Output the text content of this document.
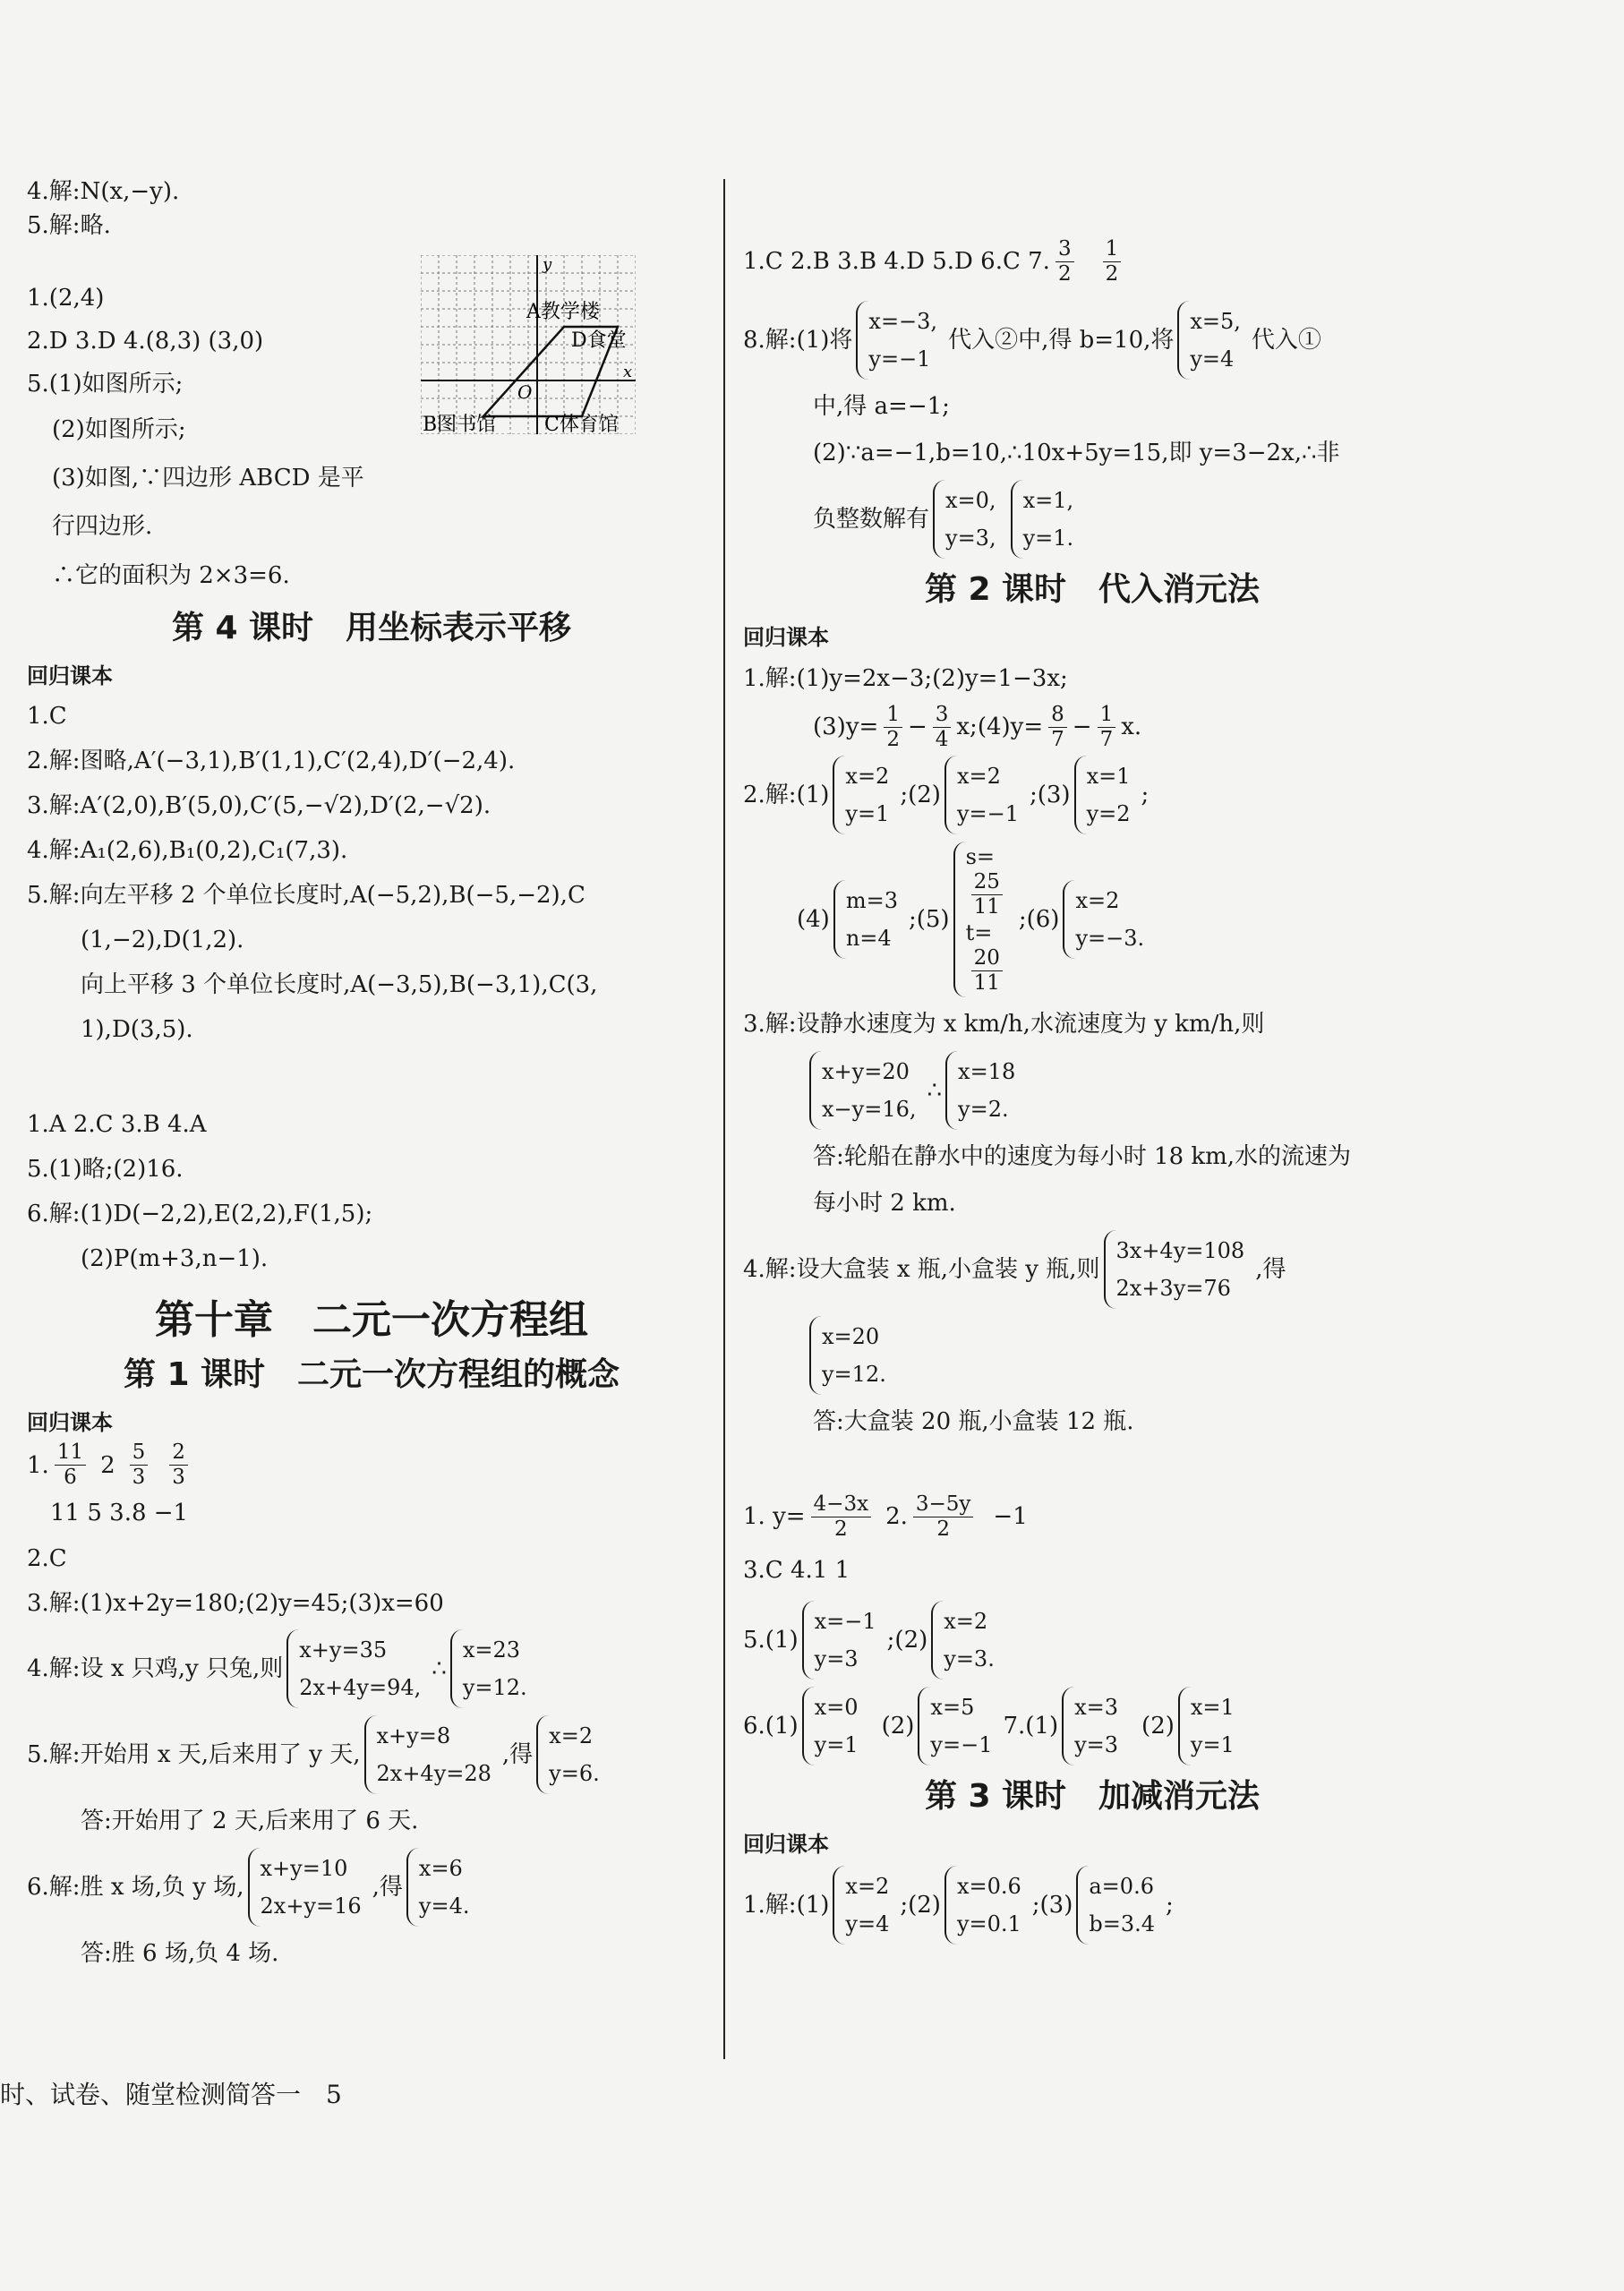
4.解:N(x,−y).
5.解:略.
1.(2,4)
2.D 3.D 4.(8,3) (3,0)
5.(1)如图所示;
(2)如图所示;
(3)如图,∵四边形 ABCD 是平
行四边形.
∴它的面积为 2×3=6.
第 4 课时　用坐标表示平移
回归课本
1.C
2.解:图略,A′(−3,1),B′(1,1),C′(2,4),D′(−2,4).
3.解:A′(2,0),B′(5,0),C′(5,−√2),D′(2,−√2).
4.解:A₁(2,6),B₁(0,2),C₁(7,3).
5.解:向左平移 2 个单位长度时,A(−5,2),B(−5,−2),C
(1,−2),D(1,2).
向上平移 3 个单位长度时,A(−3,5),B(−3,1),C(3,
1),D(3,5).
1.A 2.C 3.B 4.A
5.(1)略;(2)16.
6.解:(1)D(−2,2),E(2,2),F(1,5);
(2)P(m+3,n−1).
第十章　二元一次方程组
第 1 课时　二元一次方程组的概念
回归课本
1. $\frac{11}{6} 2 \frac{5}{3} \frac{2}{3}$
11 5 3.8 −1
2.C
3.解:(1)x+2y=180;(2)y=45;(3)x=60
4.解:设 x 只鸡,y 只兔,则
x+y=35
2x+4y=94,
∴
x=23
y=12.
5.解:开始用 x 天,后来用了 y 天,
x+y=8
2x+4y=28
,得
x=2
y=6.
答:开始用了 2 天,后来用了 6 天.
6.解:胜 x 场,负 y 场,
x+y=10
2x+y=16
,得
x=6
y=4.
答:胜 6 场,负 4 场.
y
x
O
A教学楼
D食堂
B图书馆 C体育馆
1.C 2.B 3.B 4.D 5.D 6.C 7. $\frac{3}{2} \frac{1}{2}$
8.解:(1)将
x=−3,
y=−1
代入②中,得 b=10,将
x=5,
y=4
代入①
中,得 a=−1;
(2)∵a=−1,b=10,∴10x+5y=15,即 y=3−2x,∴非
负整数解有
x=0,
y=3,
x=1,
y=1.
第 2 课时　代入消元法
回归课本
1.解:(1)y=2x−3;(2)y=1−3x;
$(3)y= \frac{1}{2} - \frac{3}{4}$ x;(4)y= $\frac{8}{7} - \frac{1}{7} x$.
2.解:(1)
x=2
y=1
;(2)
x=2
y=−1
;(3)
x=1
y=2
;
(4)
m=3
n=4
;(5)
s=
25
11
t=
20
11
;(6)
x=2
y=−3.
3.解:设静水速度为 x km/h,水流速度为 y km/h,则
x+y=20
x−y=16,
∴
x=18
y=2.
答:轮船在静水中的速度为每小时 18 km,水的流速为
每小时 2 km.
4.解:设大盒装 x 瓶,小盒装 y 瓶,则
3x+4y=108
2x+3y=76
,得
x=20
y=12.
答:大盒装 20 瓶,小盒装 12 瓶.
1. $y= \frac{4-3x}{2} 2$. $\frac{3-5y}{2} -1$
3.C 4.1 1
5.(1)
x=−1
y=3
;(2)
x=2
y=3.
6.(1)
x=0
y=1
(2)
x=5
y=−1
7.(1)
x=3
y=3
(2)
x=1
y=1
第 3 课时　加减消元法
回归课本
1.解:(1)
x=2
y=4
;(2)
x=0.6
y=0.1
;(3)
a=0.6
b=3.4
;
时、试卷、随堂检测简答一　5
